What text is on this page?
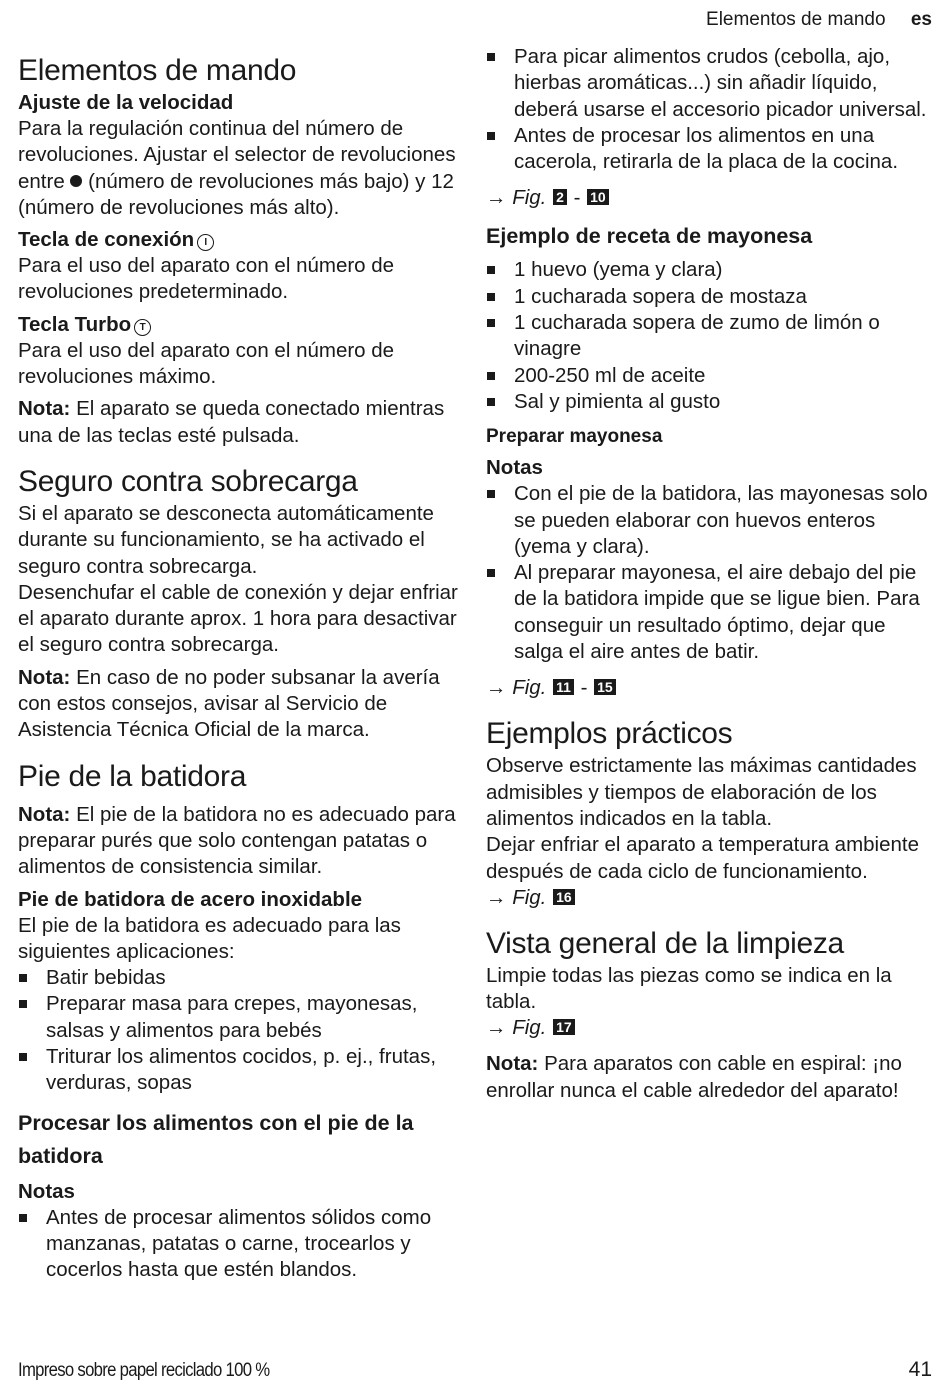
Elementos de mando es
Elementos de mando
Ajuste de la velocidad

Para la regulación continua del número de revoluciones. Ajustar el selector de revoluciones entre (número de revoluciones más bajo) y 12 (número de revoluciones más alto).

Tecla de conexión I

Para el uso del aparato con el número de revoluciones predeterminado.

Tecla Turbo T

Para el uso del aparato con el número de revoluciones máximo.

Nota: El aparato se queda conectado mientras una de las teclas esté pulsada.

Seguro contra sobrecarga

Si el aparato se desconecta automáticamente durante su funcionamiento, se ha activado el seguro contra sobrecarga.

Desenchufar el cable de conexión y dejar enfriar el aparato durante aprox. 1 hora para desactivar el seguro contra sobrecarga.

Nota: En caso de no poder subsanar la avería con estos consejos, avisar al Servicio de Asistencia Técnica Oficial de la marca.

Pie de la batidora

Nota: El pie de la batidora no es adecuado para preparar purés que solo contengan patatas o alimentos de consistencia similar.

Pie de batidora de acero inoxidable

El pie de la batidora es adecuado para las siguientes aplicaciones:

Batir bebidas
Preparar masa para crepes, mayonesas, salsas y alimentos para bebés
Triturar los alimentos cocidos, p. ej., frutas, verduras, sopas
Procesar los alimentos con el pie de la batidora
Notas
Antes de procesar alimentos sólidos como manzanas, patatas o carne, trocearlos y cocerlos hasta que estén blandos.
Para picar alimentos crudos (cebolla, ajo, hierbas aromáticas...) sin añadir líquido, deberá usarse el accesorio picador universal.
Antes de procesar los alimentos en una cacerola, retirarla de la placa de la cocina.
→ Fig. 2 - 10
Ejemplo de receta de mayonesa
1 huevo (yema y clara)
1 cucharada sopera de mostaza
1 cucharada sopera de zumo de limón o vinagre
200-250 ml de aceite
Sal y pimienta al gusto
Preparar mayonesa
Notas
Con el pie de la batidora, las mayonesas solo se pueden elaborar con huevos enteros (yema y clara).
Al preparar mayonesa, el aire debajo del pie de la batidora impide que se ligue bien. Para conseguir un resultado óptimo, dejar que salga el aire antes de batir.
→ Fig. 11 - 15
Ejemplos prácticos

Observe estrictamente las máximas cantidades admisibles y tiempos de elaboración de los alimentos indicados en la tabla.

Dejar enfriar el aparato a temperatura ambiente después de cada ciclo de funcionamiento.

→ Fig. 16
Vista general de la limpieza

Limpie todas las piezas como se indica en la tabla.

→ Fig. 17

Nota: Para aparatos con cable en espiral: ¡no enrollar nunca el cable alrededor del aparato!

Impreso sobre papel reciclado 100 %	41
